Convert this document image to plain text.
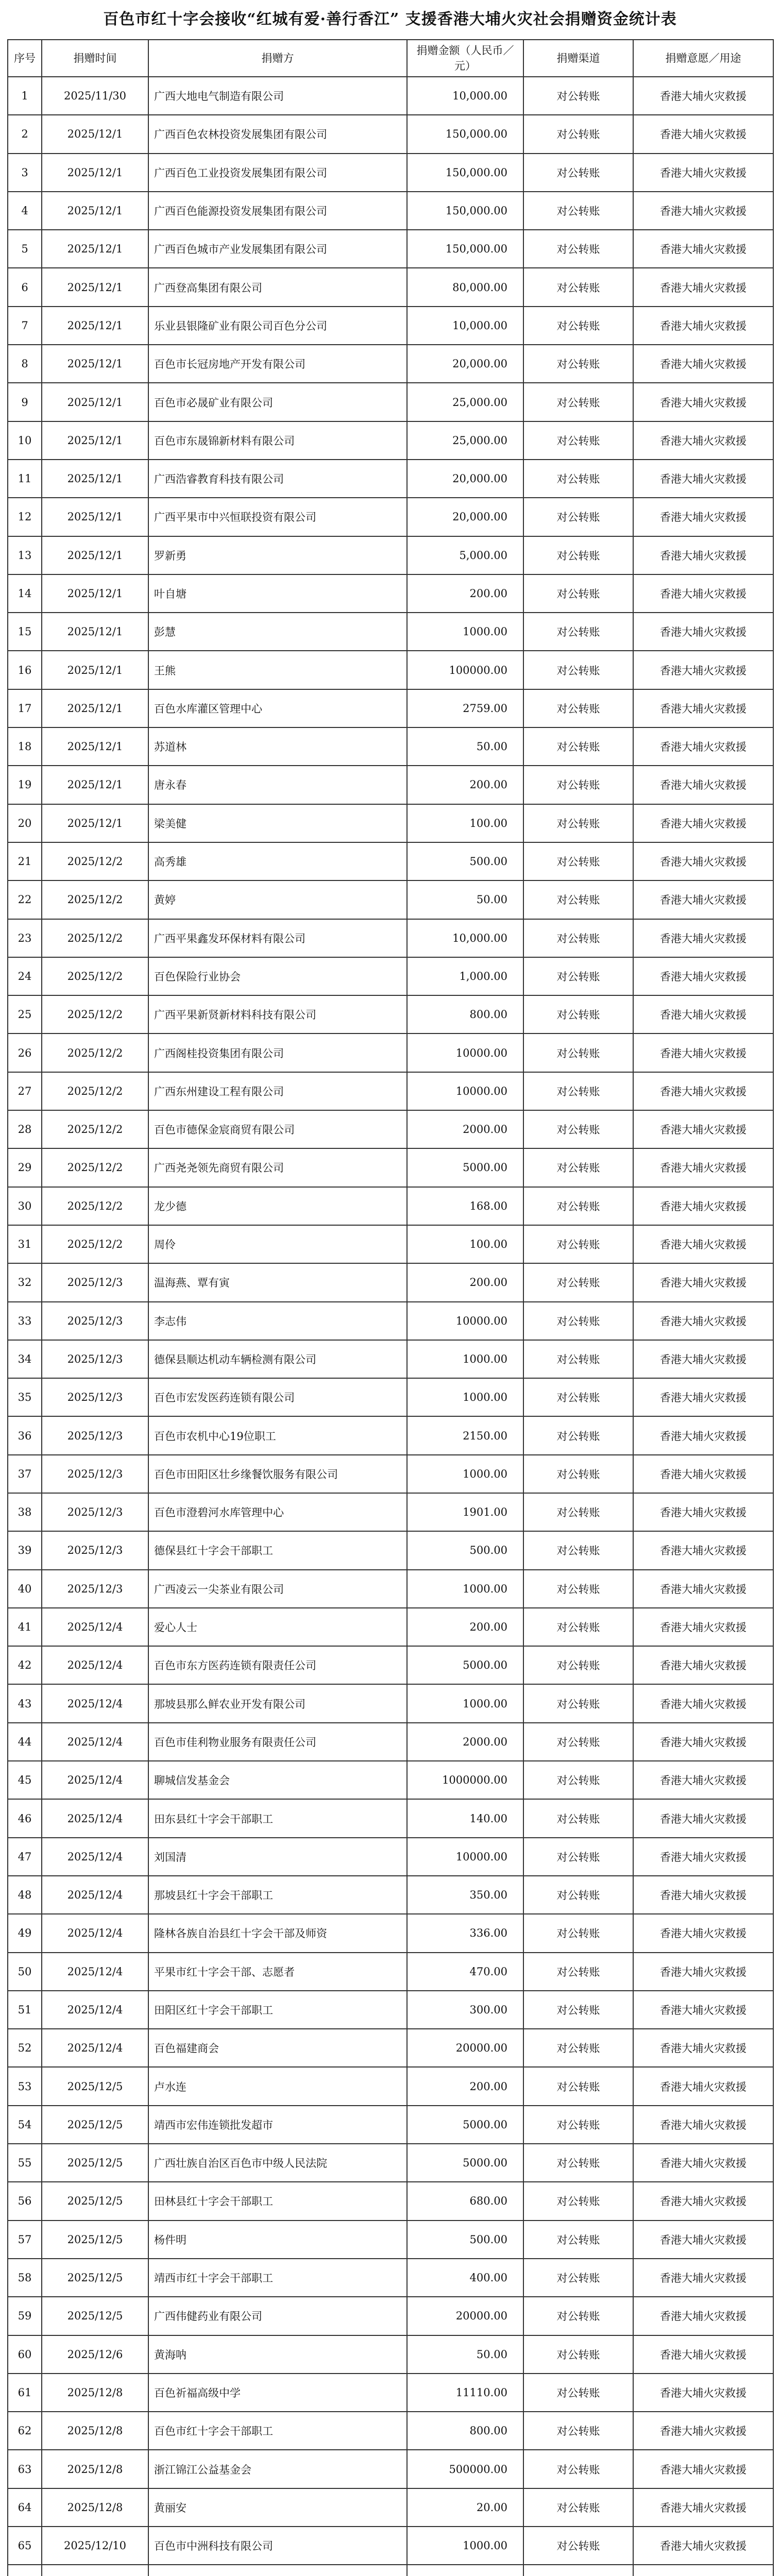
百色市红十字会接收“红城有爱·善行香江” 支援香港大埔火灾社会捐赠资金统计表
序号	捐赠时间	捐赠方	捐赠金额（人民币／元）	捐赠渠道	捐赠意愿／用途
1	2025/11/30	广西大地电气制造有限公司	10,000.00	对公转账	香港大埔火灾救援
2	2025/12/1	广西百色农林投资发展集团有限公司	150,000.00	对公转账	香港大埔火灾救援
3	2025/12/1	广西百色工业投资发展集团有限公司	150,000.00	对公转账	香港大埔火灾救援
4	2025/12/1	广西百色能源投资发展集团有限公司	150,000.00	对公转账	香港大埔火灾救援
5	2025/12/1	广西百色城市产业发展集团有限公司	150,000.00	对公转账	香港大埔火灾救援
6	2025/12/1	广西登高集团有限公司	80,000.00	对公转账	香港大埔火灾救援
7	2025/12/1	乐业县银隆矿业有限公司百色分公司	10,000.00	对公转账	香港大埔火灾救援
8	2025/12/1	百色市长冠房地产开发有限公司	20,000.00	对公转账	香港大埔火灾救援
9	2025/12/1	百色市必晟矿业有限公司	25,000.00	对公转账	香港大埔火灾救援
10	2025/12/1	百色市东晟锦新材料有限公司	25,000.00	对公转账	香港大埔火灾救援
11	2025/12/1	广西浩睿教育科技有限公司	20,000.00	对公转账	香港大埔火灾救援
12	2025/12/1	广西平果市中兴恒联投资有限公司	20,000.00	对公转账	香港大埔火灾救援
13	2025/12/1	罗新勇	5,000.00	对公转账	香港大埔火灾救援
14	2025/12/1	叶自塘	200.00	对公转账	香港大埔火灾救援
15	2025/12/1	彭慧	1000.00	对公转账	香港大埔火灾救援
16	2025/12/1	王熊	100000.00	对公转账	香港大埔火灾救援
17	2025/12/1	百色水库灌区管理中心	2759.00	对公转账	香港大埔火灾救援
18	2025/12/1	苏道林	50.00	对公转账	香港大埔火灾救援
19	2025/12/1	唐永春	200.00	对公转账	香港大埔火灾救援
20	2025/12/1	梁美健	100.00	对公转账	香港大埔火灾救援
21	2025/12/2	高秀雄	500.00	对公转账	香港大埔火灾救援
22	2025/12/2	黄婷	50.00	对公转账	香港大埔火灾救援
23	2025/12/2	广西平果鑫发环保材料有限公司	10,000.00	对公转账	香港大埔火灾救援
24	2025/12/2	百色保险行业协会	1,000.00	对公转账	香港大埔火灾救援
25	2025/12/2	广西平果新贤新材料科技有限公司	800.00	对公转账	香港大埔火灾救援
26	2025/12/2	广西阁桂投资集团有限公司	10000.00	对公转账	香港大埔火灾救援
27	2025/12/2	广西东州建设工程有限公司	10000.00	对公转账	香港大埔火灾救援
28	2025/12/2	百色市德保金宸商贸有限公司	2000.00	对公转账	香港大埔火灾救援
29	2025/12/2	广西尧尧领先商贸有限公司	5000.00	对公转账	香港大埔火灾救援
30	2025/12/2	龙少德	168.00	对公转账	香港大埔火灾救援
31	2025/12/2	周伶	100.00	对公转账	香港大埔火灾救援
32	2025/12/3	温海燕、覃有寅	200.00	对公转账	香港大埔火灾救援
33	2025/12/3	李志伟	10000.00	对公转账	香港大埔火灾救援
34	2025/12/3	德保县顺达机动车辆检测有限公司	1000.00	对公转账	香港大埔火灾救援
35	2025/12/3	百色市宏发医药连锁有限公司	1000.00	对公转账	香港大埔火灾救援
36	2025/12/3	百色市农机中心19位职工	2150.00	对公转账	香港大埔火灾救援
37	2025/12/3	百色市田阳区壮乡缘餐饮服务有限公司	1000.00	对公转账	香港大埔火灾救援
38	2025/12/3	百色市澄碧河水库管理中心	1901.00	对公转账	香港大埔火灾救援
39	2025/12/3	德保县红十字会干部职工	500.00	对公转账	香港大埔火灾救援
40	2025/12/3	广西凌云一尖茶业有限公司	1000.00	对公转账	香港大埔火灾救援
41	2025/12/4	爱心人士	200.00	对公转账	香港大埔火灾救援
42	2025/12/4	百色市东方医药连锁有限责任公司	5000.00	对公转账	香港大埔火灾救援
43	2025/12/4	那坡县那么鲜农业开发有限公司	1000.00	对公转账	香港大埔火灾救援
44	2025/12/4	百色市佳利物业服务有限责任公司	2000.00	对公转账	香港大埔火灾救援
45	2025/12/4	聊城信发基金会	1000000.00	对公转账	香港大埔火灾救援
46	2025/12/4	田东县红十字会干部职工	140.00	对公转账	香港大埔火灾救援
47	2025/12/4	刘国清	10000.00	对公转账	香港大埔火灾救援
48	2025/12/4	那坡县红十字会干部职工	350.00	对公转账	香港大埔火灾救援
49	2025/12/4	隆林各族自治县红十字会干部及师资	336.00	对公转账	香港大埔火灾救援
50	2025/12/4	平果市红十字会干部、志愿者	470.00	对公转账	香港大埔火灾救援
51	2025/12/4	田阳区红十字会干部职工	300.00	对公转账	香港大埔火灾救援
52	2025/12/4	百色福建商会	20000.00	对公转账	香港大埔火灾救援
53	2025/12/5	卢水连	200.00	对公转账	香港大埔火灾救援
54	2025/12/5	靖西市宏伟连锁批发超市	5000.00	对公转账	香港大埔火灾救援
55	2025/12/5	广西壮族自治区百色市中级人民法院	5000.00	对公转账	香港大埔火灾救援
56	2025/12/5	田林县红十字会干部职工	680.00	对公转账	香港大埔火灾救援
57	2025/12/5	杨件明	500.00	对公转账	香港大埔火灾救援
58	2025/12/5	靖西市红十字会干部职工	400.00	对公转账	香港大埔火灾救援
59	2025/12/5	广西伟健药业有限公司	20000.00	对公转账	香港大埔火灾救援
60	2025/12/6	黄海呐	50.00	对公转账	香港大埔火灾救援
61	2025/12/8	百色祈福高级中学	11110.00	对公转账	香港大埔火灾救援
62	2025/12/8	百色市红十字会干部职工	800.00	对公转账	香港大埔火灾救援
63	2025/12/8	浙江锦江公益基金会	500000.00	对公转账	香港大埔火灾救援
64	2025/12/8	黄丽安	20.00	对公转账	香港大埔火灾救援
65	2025/12/10	百色市中洲科技有限公司	1000.00	对公转账	香港大埔火灾救援
